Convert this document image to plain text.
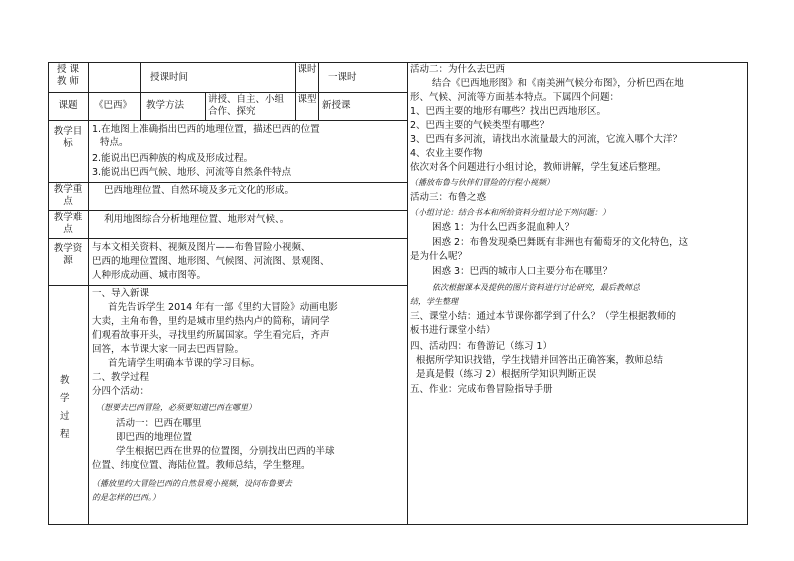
授 课
教 师	授课时间
课时
一课时
课题	《巴西》 教学方法
讲授、自主、小组合作、探究
课型
新授课
教学目标
1.在地图上准确指出巴西的地理位置，描述巴西的位置
特点。
2.能说出巴西种族的构成及形成过程。
3.能说出巴西气候、地形、河流等自然条件特点
教学重点
巴西地理位置、自然环境及多元文化的形成。
教学难点
利用地图综合分析地理位置、地形对气候、。
教学资源
与本文相关资料、视频及图片——布鲁冒险小视频、
巴西的地理位置图、地形图、气候图、河流图、景观图、
人种形成动画、城市图等。
教
学
过
程
一、导入新课
首先告诉学生 2014 年有一部《里约大冒险》动画电影
大卖，主角布鲁，里约是城市里约热内卢的简称，请同学
们观看故事开头，寻找里约所属国家。学生看完后，齐声
回答，本节课大家一同去巴西冒险。
首先请学生明确本节课的学习目标。
二、教学过程
分四个活动：
（想要去巴西冒险，必须要知道巴西在哪里）
活动一：巴西在哪里
即巴西的地理位置
学生根据巴西在世界的位置图，分别找出巴西的半球
位置、纬度位置、海陆位置。教师总结，学生整理。
（播放里约大冒险巴西的自然景观小视频，设问布鲁要去
的是怎样的巴西。）
活动二：为什么去巴西
结合《巴西地形图》和《南美洲气候分布图》，分析巴西在地
形、气候、河流等方面基本特点。下属四个问题：
1、巴西主要的地形有哪些？找出巴西地形区。
2、巴西主要的气候类型有哪些？
3、巴西有多河流，请找出水流量最大的河流，它流入哪个大洋？
4、农业主要作物
依次对各个问题进行小组讨论，教师讲解，学生复述后整理。
（播放布鲁与伙伴们冒险的行程小视频）
活动三：布鲁之惑
（小组讨论：结合书本和所给资料分组讨论下列问题：）
困惑 1：为什么巴西多混血种人？
困惑 2：布鲁发现桑巴舞既有非洲也有葡萄牙的文化特色，这
是为什么呢？
困惑 3：巴西的城市人口主要分布在哪里？
依次根据课本及提供的图片资料进行讨论研究，最后教师总
结，学生整理
三、课堂小结：通过本节课你都学到了什么？（学生根据教师的
板书进行课堂小结）
四、活动四：布鲁游记（练习 1）
根据所学知识找错，学生找错并回答出正确答案，教师总结
是真是假（练习 2）根据所学知识判断正误
五、作业：完成布鲁冒险指导手册
